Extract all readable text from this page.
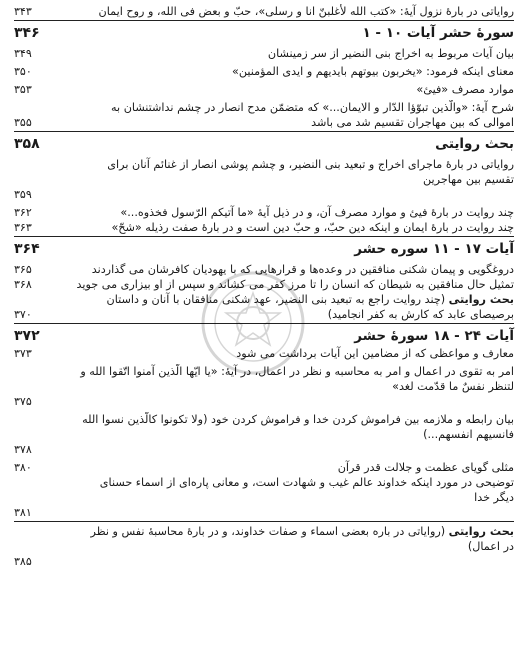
روایاتی در بارهٔ نزول آیهٔ: «کتب الله لأغلبنّ انا و رسلی»، حبّ و بعض فی الله، و روح ایمان
۳۴۳
سورهٔ حشر آیات ۱۰ - ۱
۳۴۶
بیان آیات مربوط به اخراج بنی النضیر از سر زمینشان
۳۴۹
معنای اینکه فرمود: «یخربون بیوتهم بایدیهم و ایدی المؤمنین»
۳۵۰
موارد مصرف «فییٔ»
۳۵۳
شرح آیهٔ: «والّذین تبوّؤا الدّار و الایمان...» که متضمّن مدح انصار در چشم نداشتنشان به
اموالی که بین مهاجران تقسیم شد می باشد
۳۵۵
بحث روایتی
۳۵۸
روایاتی در بارهٔ ماجرای اخراج و تبعید بنی النضیر، و چشم پوشی انصار از غنائم آنان برای
تقسیم بین مهاجرین
۳۵۹
چند روایت در بارهٔ فییٔ و موارد مصرف آن، و در ذیل آیهٔ «ما آتیکم الرّسول فخذوه...»
۳۶۲
چند روایت در بارهٔ ایمان و اینکه دین حبّ، و حبّ دین است و در بارهٔ صفت رذیله «شحّ»
۳۶۳
آیات ۱۷ - ۱۱ سوره حشر
۳۶۴
دروغگویی و پیمان شکنی منافقین در وعده‌ها و قرارهایی که با یهودیان کافرشان می گذاردند
۳۶۵
تمثیل حال منافقین به شیطان که انسان را تا مرز کفر می کشاند و سپس از او بیزاری می جوید
۳۶۸
بحث روایتی (چند روایت راجع به تبعید بنی النضیر، عهد شکنی منافقان با آنان و داستان
برصیصای عابد که کارش به کفر انجامید)
۳۷۰
آیات ۲۴ - ۱۸ سورهٔ حشر
۳۷۲
معارف و مواعظی که از مضامین این آیات برداشت می شود
۳۷۳
امر به تقوی در اعمال و امر به محاسبه و نظر در اعمال، در آیهٔ: «یا ایّها الّذین آمنوا اتّقوا الله و
لتنظر نفسٌ ما قدّمت لغد»
۳۷۵
بیان رابطه و ملازمه بین فراموش کردن خدا و فراموش کردن خود (ولا تکونوا کالّذین نسوا الله
فانسیهم انفسهم...)
۳۷۸
مثلی گویای عظمت و جلالت قدر قرآن
۳۸۰
توضیحی در مورد اینکه خداوند عالم غیب و شهادت است، و معانی پاره‌ای از اسماء حسنای
دیگر خدا
۳۸۱
بحث روایتی (روایاتی در باره بعضی اسماء و صفات خداوند، و در بارهٔ محاسبهٔ نفس و نظر
در اعمال)
۳۸۵
